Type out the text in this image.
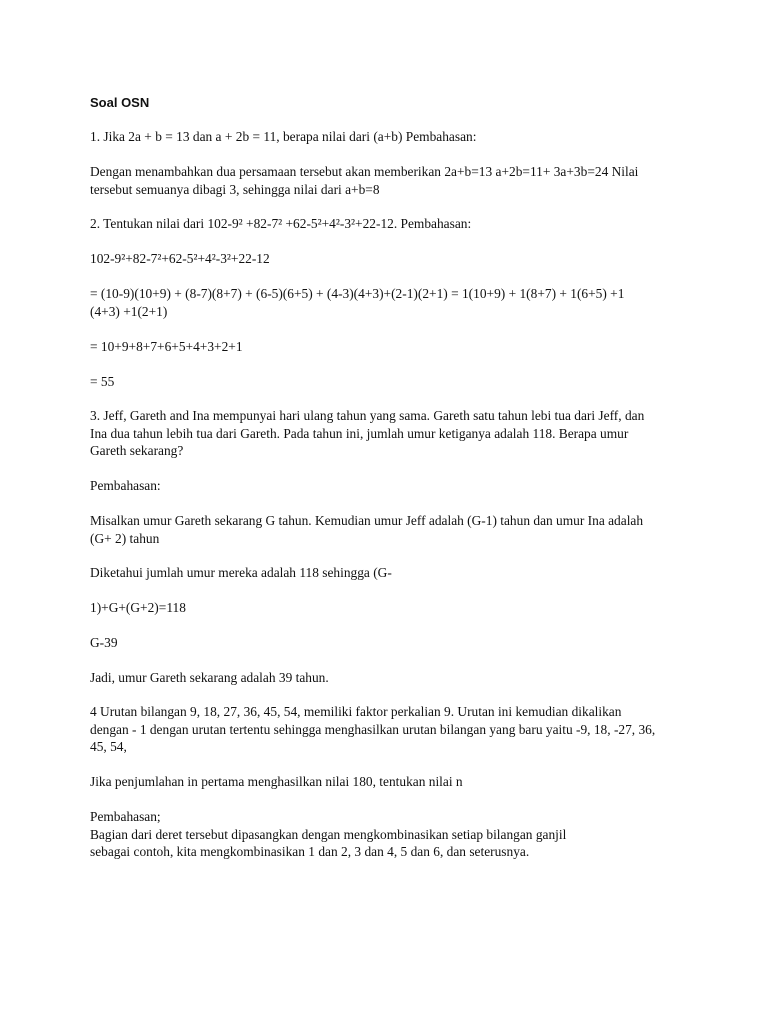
Soal OSN
1. Jika 2a + b = 13 dan a + 2b = 11, berapa nilai dari (a+b) Pembahasan:
Dengan menambahkan dua persamaan tersebut akan memberikan 2a+b=13 a+2b=11+ 3a+3b=24 Nilai
tersebut semuanya dibagi 3, sehingga nilai dari a+b=8
2. Tentukan nilai dari 102-9² +82-7² +62-5²+4²-3²+22-12. Pembahasan:
102-9²+82-7²+62-5²+4²-3²+22-12
= (10-9)(10+9) + (8-7)(8+7) + (6-5)(6+5) + (4-3)(4+3)+(2-1)(2+1) = 1(10+9) + 1(8+7) + 1(6+5) +1
(4+3) +1(2+1)
= 10+9+8+7+6+5+4+3+2+1
= 55
3. Jeff, Gareth and Ina mempunyai hari ulang tahun yang sama. Gareth satu tahun lebi tua dari Jeff, dan
Ina dua tahun lebih tua dari Gareth. Pada tahun ini, jumlah umur ketiganya adalah 118. Berapa umur
Gareth sekarang?
Pembahasan:
Misalkan umur Gareth sekarang G tahun. Kemudian umur Jeff adalah (G-1) tahun dan umur Ina adalah
(G+ 2) tahun
Diketahui jumlah umur mereka adalah 118 sehingga (G-
1)+G+(G+2)=118
G-39
Jadi, umur Gareth sekarang adalah 39 tahun.
4 Urutan bilangan 9, 18, 27, 36, 45, 54, memiliki faktor perkalian 9. Urutan ini kemudian dikalikan
dengan - 1 dengan urutan tertentu sehingga menghasilkan urutan bilangan yang baru yaitu -9, 18, -27, 36,
45, 54,
Jika penjumlahan in pertama menghasilkan nilai 180, tentukan nilai n
Pembahasan;
Bagian dari deret tersebut dipasangkan dengan mengkombinasikan setiap bilangan ganjil
sebagai contoh, kita mengkombinasikan 1 dan 2, 3 dan 4, 5 dan 6, dan seterusnya.
